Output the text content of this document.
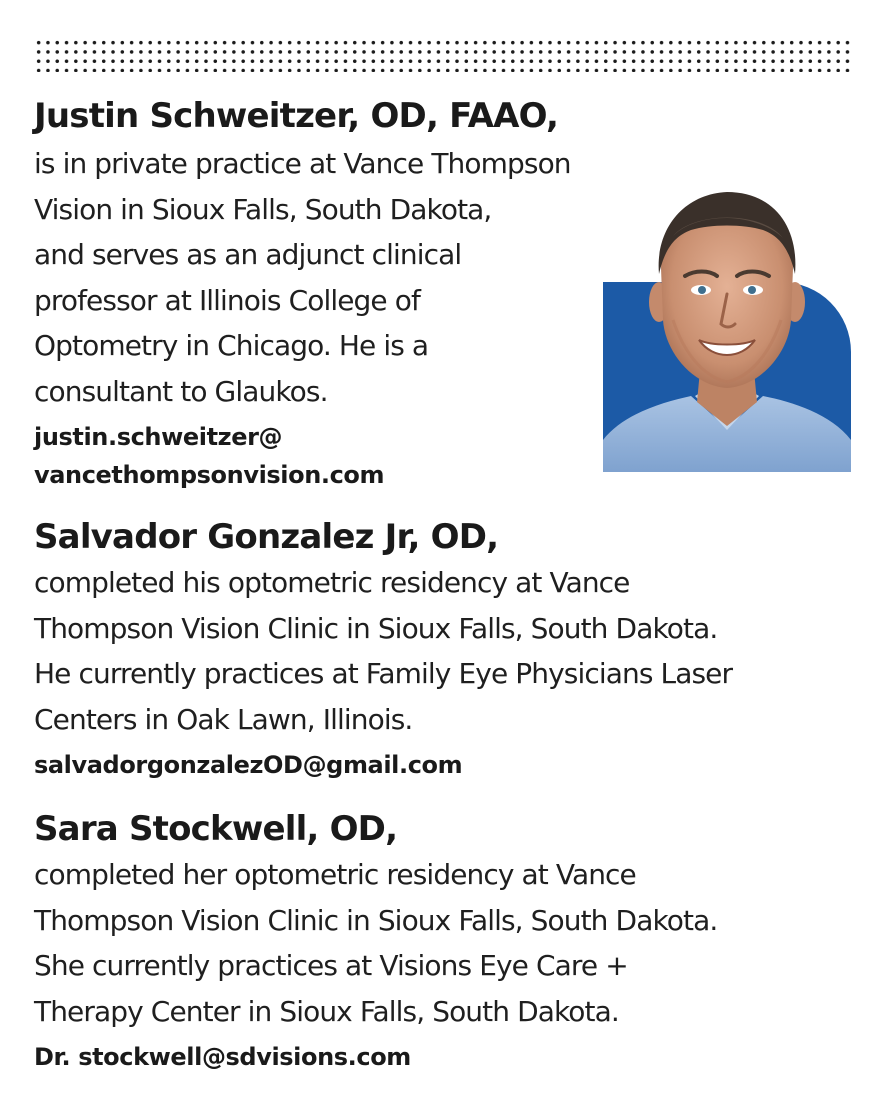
Justin Schweitzer, OD, FAAO,

is in private practice at Vance Thompson
Vision in Sioux Falls, South Dakota,
and serves as an adjunct clinical
professor at Illinois College of
Optometry in Chicago. He is a
consultant to Glaukos.

justin.schweitzer@
vancethompsonvision.com

Salvador Gonzalez Jr, OD,

completed his optometric residency at Vance
Thompson Vision Clinic in Sioux Falls, South Dakota.
He currently practices at Family Eye Physicians Laser
Centers in Oak Lawn, Illinois.

salvadorgonzalezOD@gmail.com

Sara Stockwell, OD,

completed her optometric residency at Vance
Thompson Vision Clinic in Sioux Falls, South Dakota.
She currently practices at Visions Eye Care +
Therapy Center in Sioux Falls, South Dakota.

Dr. stockwell@sdvisions.com
